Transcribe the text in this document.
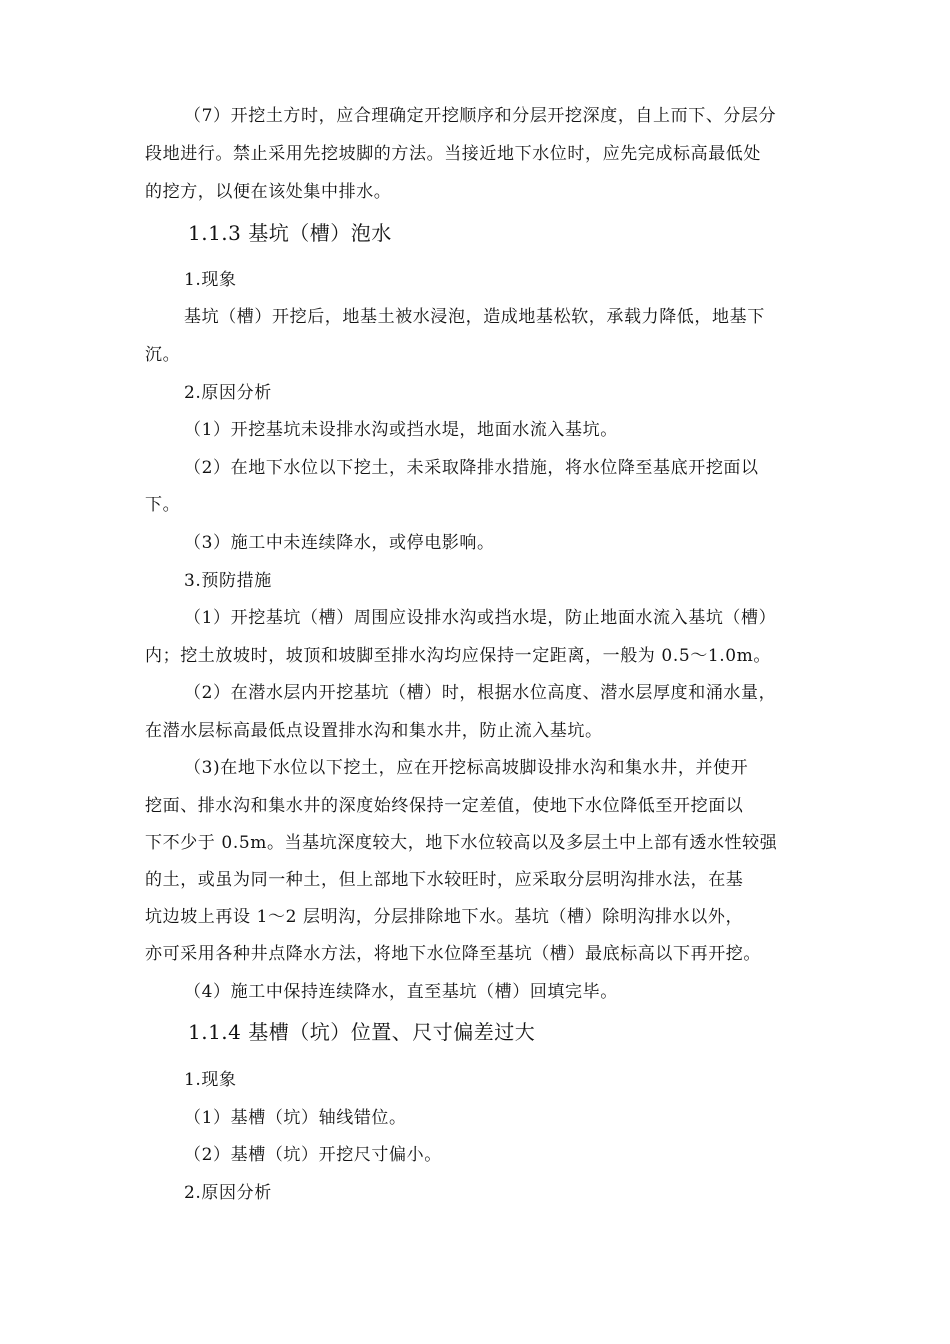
（7）开挖土方时，应合理确定开挖顺序和分层开挖深度，自上而下、分层分
段地进行。禁止采用先挖坡脚的方法。当接近地下水位时，应先完成标高最低处
的挖方，以便在该处集中排水。
1.1.3 基坑（槽）泡水
1.现象
基坑（槽）开挖后，地基土被水浸泡，造成地基松软，承载力降低，地基下
沉。
2.原因分析
（1）开挖基坑未设排水沟或挡水堤，地面水流入基坑。
（2）在地下水位以下挖土，未采取降排水措施，将水位降至基底开挖面以
下。
（3）施工中未连续降水，或停电影响。
3.预防措施
（1）开挖基坑（槽）周围应设排水沟或挡水堤，防止地面水流入基坑（槽）
内；挖土放坡时，坡顶和坡脚至排水沟均应保持一定距离，一般为 0.5～1.0m。
（2）在潜水层内开挖基坑（槽）时，根据水位高度、潜水层厚度和涌水量，
在潜水层标高最低点设置排水沟和集水井，防止流入基坑。
（3)在地下水位以下挖土，应在开挖标高坡脚设排水沟和集水井，并使开
挖面、排水沟和集水井的深度始终保持一定差值，使地下水位降低至开挖面以
下不少于 0.5m。当基坑深度较大，地下水位较高以及多层土中上部有透水性较强
的土，或虽为同一种土，但上部地下水较旺时，应采取分层明沟排水法，在基
坑边坡上再设 1～2 层明沟，分层排除地下水。基坑（槽）除明沟排水以外，
亦可采用各种井点降水方法，将地下水位降至基坑（槽）最底标高以下再开挖。
（4）施工中保持连续降水，直至基坑（槽）回填完毕。
1.1.4 基槽（坑）位置、尺寸偏差过大
1.现象
（1）基槽（坑）轴线错位。
（2）基槽（坑）开挖尺寸偏小。
2.原因分析
